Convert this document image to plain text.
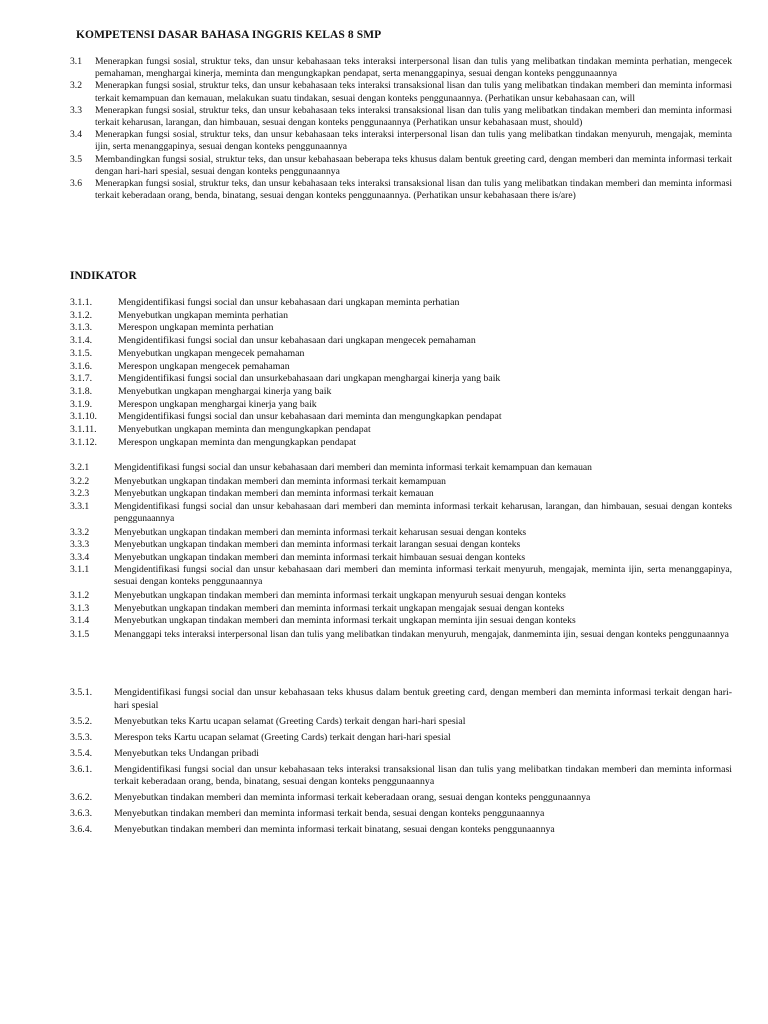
KOMPETENSI DASAR BAHASA INGGRIS KELAS 8 SMP
3.1 Menerapkan fungsi sosial, struktur teks, dan unsur kebahasaan teks interaksi interpersonal lisan dan tulis yang melibatkan tindakan meminta perhatian, mengecek pemahaman, menghargai kinerja, meminta dan mengungkapkan pendapat, serta menanggapinya, sesuai dengan konteks penggunaannya
3.2 Menerapkan fungsi sosial, struktur teks, dan unsur kebahasaan teks interaksi transaksional lisan dan tulis yang melibatkan tindakan memberi dan meminta informasi terkait kemampuan dan kemauan, melakukan suatu tindakan, sesuai dengan konteks penggunaannya. (Perhatikan unsur kebahasaan can, will
3.3 Menerapkan fungsi sosial, struktur teks, dan unsur kebahasaan teks interaksi transaksional lisan dan tulis yang melibatkan tindakan memberi dan meminta informasi terkait keharusan, larangan, dan himbauan, sesuai dengan konteks penggunaannya (Perhatikan unsur kebahasaan must, should)
3.4 Menerapkan fungsi sosial, struktur teks, dan unsur kebahasaan teks interaksi interpersonal lisan dan tulis yang melibatkan tindakan menyuruh, mengajak, meminta ijin, serta menanggapinya, sesuai dengan konteks penggunaannya
3.5 Membandingkan fungsi sosial, struktur teks, dan unsur kebahasaan beberapa teks khusus dalam bentuk greeting card, dengan memberi dan meminta informasi terkait dengan hari-hari spesial, sesuai dengan konteks penggunaannya
3.6 Menerapkan fungsi sosial, struktur teks, dan unsur kebahasaan teks interaksi transaksional lisan dan tulis yang melibatkan tindakan memberi dan meminta informasi terkait keberadaan orang, benda, binatang, sesuai dengan konteks penggunaannya. (Perhatikan unsur kebahasaan there is/are)
INDIKATOR
3.1.1.	Mengidentifikasi fungsi social dan unsur kebahasaan dari ungkapan meminta perhatian
3.1.2.	Menyebutkan ungkapan meminta perhatian
3.1.3.	Merespon ungkapan meminta perhatian
3.1.4.	Mengidentifikasi fungsi social dan unsur kebahasaan dari ungkapan mengecek pemahaman
3.1.5.	Menyebutkan ungkapan mengecek pemahaman
3.1.6.	Merespon ungkapan mengecek pemahaman
3.1.7.	Mengidentifikasi fungsi social dan unsurkebahasaan dari ungkapan menghargai kinerja yang baik
3.1.8.	Menyebutkan ungkapan menghargai kinerja yang baik
3.1.9.	Merespon ungkapan menghargai kinerja yang baik
3.1.10. Mengidentifikasi fungsi social dan unsur kebahasaan dari meminta dan mengungkapkan pendapat
3.1.11. Menyebutkan ungkapan meminta dan mengungkapkan pendapat
3.1.12. Merespon ungkapan meminta dan mengungkapkan pendapat
3.2.1	Mengidentifikasi fungsi social dan unsur kebahasaan dari memberi dan meminta informasi terkait kemampuan dan kemauan
3.2.2	Menyebutkan ungkapan tindakan memberi dan meminta informasi terkait kemampuan
3.2.3	Menyebutkan ungkapan tindakan memberi dan meminta informasi terkait kemauan
3.3.1	Mengidentifikasi fungsi social dan unsur kebahasaan dari memberi dan meminta informasi terkait keharusan, larangan, dan himbauan, sesuai dengan konteks penggunaannya
3.3.2	Menyebutkan ungkapan tindakan memberi dan meminta informasi terkait keharusan sesuai dengan konteks
3.3.3	Menyebutkan ungkapan tindakan memberi dan meminta informasi terkait larangan sesuai dengan konteks
3.3.4	Menyebutkan ungkapan tindakan memberi dan meminta informasi terkait himbauan sesuai dengan konteks
3.1.1	Mengidentifikasi fungsi social dan unsur kebahasaan dari memberi dan meminta informasi terkait menyuruh, mengajak, meminta ijin, serta menanggapinya, sesuai dengan konteks penggunaannya
3.1.2	Menyebutkan ungkapan tindakan memberi dan meminta informasi terkait ungkapan menyuruh sesuai dengan konteks
3.1.3	Menyebutkan ungkapan tindakan memberi dan meminta informasi terkait ungkapan mengajak sesuai dengan konteks
3.1.4	Menyebutkan ungkapan tindakan memberi dan meminta informasi terkait ungkapan meminta ijin sesuai dengan konteks
3.1.5	Menanggapi teks interaksi interpersonal lisan dan tulis yang melibatkan tindakan menyuruh, mengajak, danmeminta ijin, sesuai dengan konteks penggunaannya
3.5.1. Mengidentifikasi fungsi social dan unsur kebahasaan teks khusus dalam bentuk greeting card, dengan memberi dan meminta informasi terkait dengan hari-hari spesial
3.5.2. Menyebutkan teks Kartu ucapan selamat (Greeting Cards) terkait dengan hari-hari spesial
3.5.3. Merespon teks Kartu ucapan selamat (Greeting Cards) terkait dengan hari-hari spesial
3.5.4. Menyebutkan teks Undangan pribadi
3.6.1. Mengidentifikasi fungsi social dan unsur kebahasaan teks interaksi transaksional lisan dan tulis yang melibatkan tindakan memberi dan meminta informasi terkait keberadaan orang, benda, binatang, sesuai dengan konteks penggunaannya
3.6.2. Menyebutkan tindakan memberi dan meminta informasi terkait keberadaan orang, sesuai dengan konteks penggunaannya
3.6.3. Menyebutkan tindakan memberi dan meminta informasi terkait benda, sesuai dengan konteks penggunaannya
3.6.4. Menyebutkan tindakan memberi dan meminta informasi terkait binatang, sesuai dengan konteks penggunaannya
